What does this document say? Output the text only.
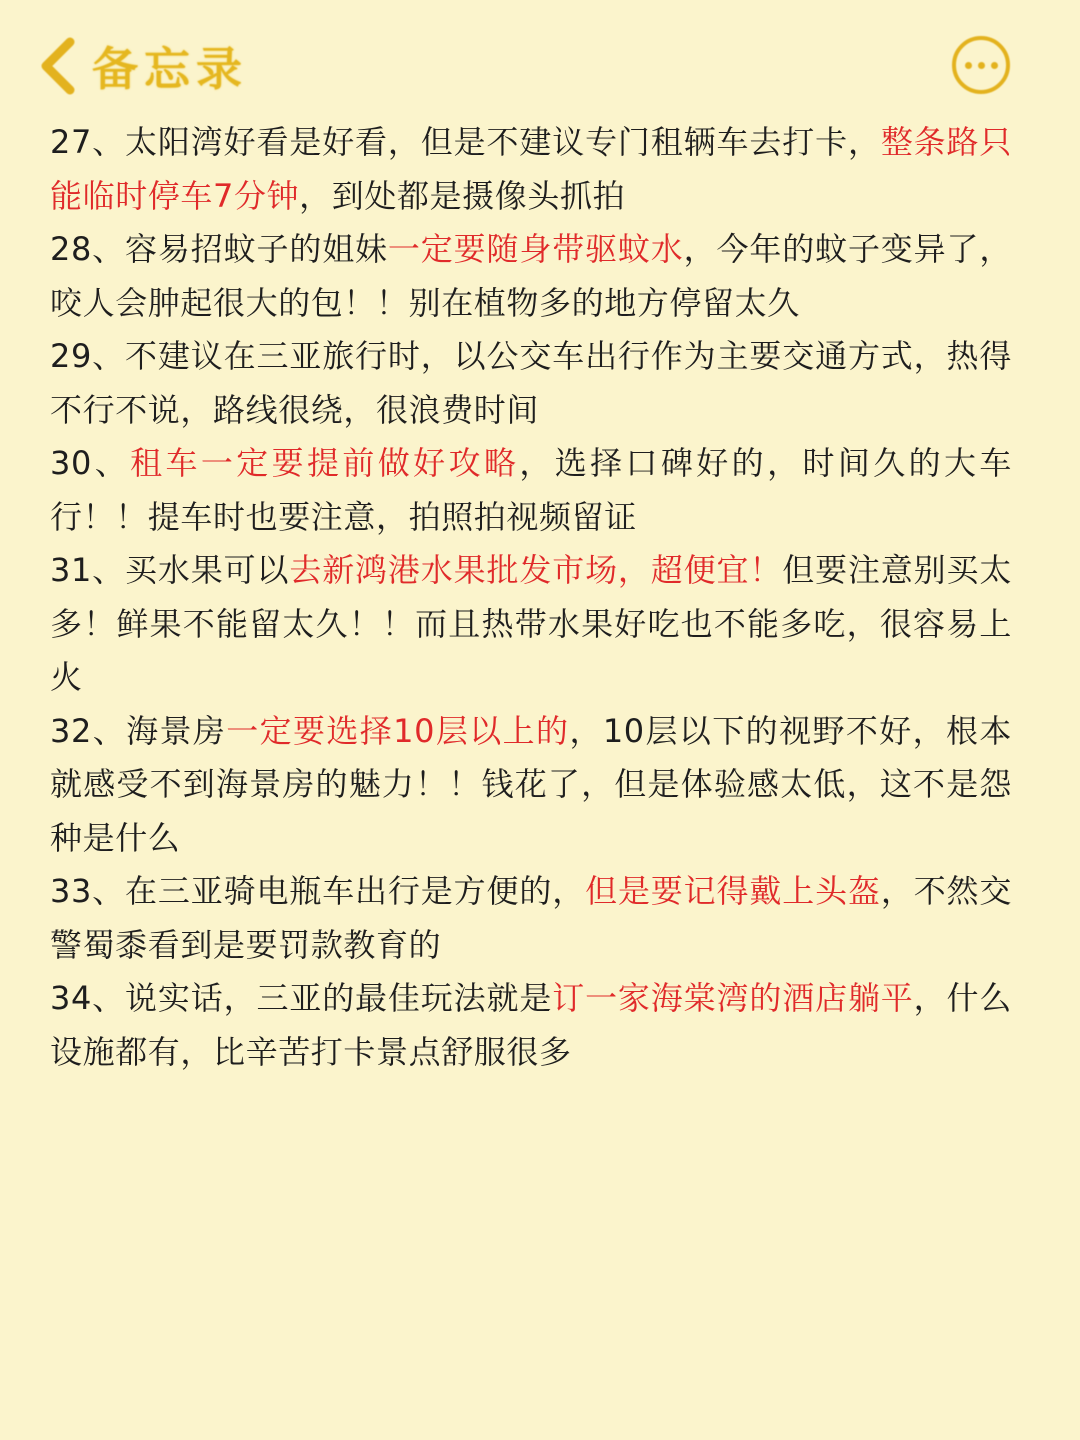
备忘录

27、太阳湾好看是好看，但是不建议专门租辆车去打卡，整条路只能临时停车7分钟，到处都是摄像头抓拍

28、容易招蚊子的姐妹一定要随身带驱蚊水，今年的蚊子变异了，咬人会肿起很大的包！！别在植物多的地方停留太久

29、不建议在三亚旅行时，以公交车出行作为主要交通方式，热得不行不说，路线很绕，很浪费时间

30、租车一定要提前做好攻略，选择口碑好的，时间久的大车行！！提车时也要注意，拍照拍视频留证

31、买水果可以去新鸿港水果批发市场，超便宜！但要注意别买太多！鲜果不能留太久！！而且热带水果好吃也不能多吃，很容易上火

32、海景房一定要选择10层以上的，10层以下的视野不好，根本就感受不到海景房的魅力！！钱花了，但是体验感太低，这不是怨种是什么

33、在三亚骑电瓶车出行是方便的，但是要记得戴上头盔，不然交警蜀黍看到是要罚款教育的

34、说实话，三亚的最佳玩法就是订一家海棠湾的酒店躺平，什么设施都有，比辛苦打卡景点舒服很多
